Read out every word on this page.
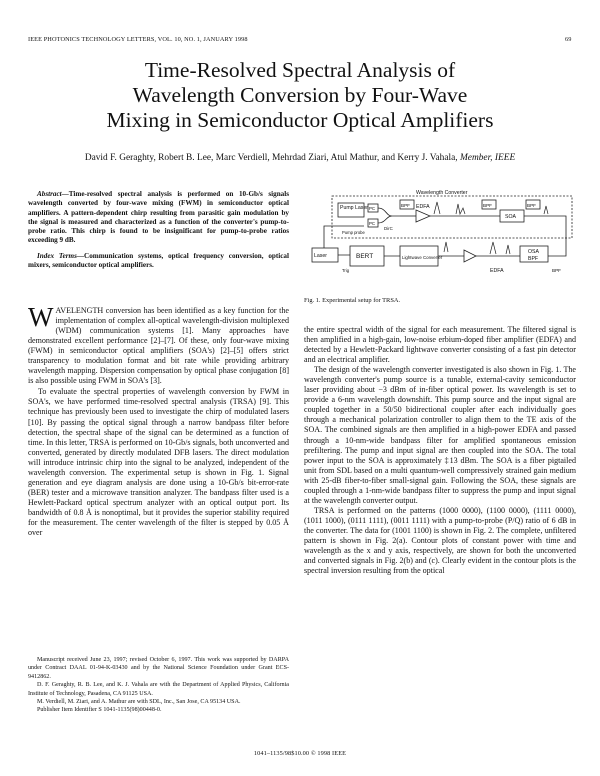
IEEE PHOTONICS TECHNOLOGY LETTERS, VOL. 10, NO. 1, JANUARY 1998	69
Time-Resolved Spectral Analysis of
Wavelength Conversion by Four-Wave
Mixing in Semiconductor Optical Amplifiers
David F. Geraghty, Robert B. Lee, Marc Verdiell, Mehrdad Ziari, Atul Mathur, and Kerry J. Vahala, Member, IEEE

Abstract—Time-resolved spectral analysis is performed on 10-Gb/s signals wavelength converted by four-wave mixing (FWM) in semiconductor optical amplifiers. A pattern-dependent chirp resulting from parasitic gain modulation by the signal is measured and characterized as a function of the converter's pump-to-probe ratio. This chirp is found to be insignificant for pump-to-probe ratios exceeding 9 dB.

Index Terms—Communication systems, optical frequency conversion, optical mixers, semiconductor optical amplifiers.

WAVELENGTH conversion has been identified as a key function for the implementation of complex all-optical wavelength-division multiplexed (WDM) communication systems [1]. Many approaches have demonstrated excellent performance [2]–[7]. Of these, only four-wave mixing (FWM) in semiconductor optical amplifiers (SOA's) [2]–[5] offers strict transparency to modulation format and bit rate while providing arbitrary wavelength mapping. Dispersion compensation by optical phase conjugation [8] is also possible using FWM in SOA's [3].

To evaluate the spectral properties of wavelength conversion by FWM in SOA's, we have performed time-resolved spectral analysis (TRSA) [9]. This technique has previously been used to investigate the chirp of modulated lasers [10]. By passing the optical signal through a narrow bandpass filter before detection, the spectral shape of the signal can be determined as a function of time. In this letter, TRSA is performed on 10-Gb/s signals, both unconverted and converted, generated by directly modulated DFB lasers. The direct modulation will introduce intrinsic chirp into the signal to be analyzed, independent of the wavelength conversion. The experimental setup is shown in Fig. 1. Signal generation and eye diagram analysis are done using a 10-Gb/s bit-error-rate (BER) tester and a microwave transition analyzer. The bandpass filter used is a Hewlett-Packard optical spectrum analyzer with an optical output port. Its bandwidth of 0.8 Å is nonoptimal, but it provides the superior stability required for the measurement. The center wavelength of the filter is stepped by 0.05 Å over

Manuscript received June 23, 1997; revised October 6, 1997. This work was supported by DARPA under Contract DAAL 01-94-K-03430 and by the National Science Foundation under Grant ECS-9412862.

D. F. Geraghty, R. B. Lee, and K. J. Vahala are with the Department of Applied Physics, California Institute of Technology, Pasadena, CA 91125 USA.

M. Verdiell, M. Ziari, and A. Mathur are with SDL, Inc., San Jose, CA 95134 USA.

Publisher Item Identifier S 1041-1135(98)00448-0.

Wavelength Converter
Pump Laser PC
PC
BPF	BPF	BPF
EDFA
SOA
DirC
Pump probe
Laser	BERT
Trig
Lightwave Converter
OSA
BPF
EDFA	BPF
Fig. 1. Experimental setup for TRSA.

the entire spectral width of the signal for each measurement. The filtered signal is then amplified in a high-gain, low-noise erbium-doped fiber amplifier (EDFA) and detected by a Hewlett-Packard lightwave converter consisting of a fast pin detector and an electrical amplifier.

The design of the wavelength converter investigated is also shown in Fig. 1. The wavelength converter's pump source is a tunable, external-cavity semiconductor laser providing about −3 dBm of in-fiber optical power. Its wavelength is set to provide a 6-nm wavelength downshift. This pump source and the input signal are coupled together in a 50/50 bidirectional coupler after each individually goes through a mechanical polarization controller to align them to the TE axis of the SOA. The combined signals are then amplified in a high-power EDFA and passed through a 10-nm-wide bandpass filter for amplified spontaneous emission prefiltering. The pump and input signal are then coupled into the SOA. The total power input to the SOA is approximately ‡13 dBm. The SOA is a fiber pigtailed unit from SDL based on a multi quantum-well compressively strained gain medium with 25-dB fiber-to-fiber small-signal gain. Following the SOA, these signals are coupled through a 1-nm-wide bandpass filter to suppress the pump and input signal at the wavelength converter output.

TRSA is performed on the patterns (1000 0000), (1100 0000), (1111 0000), (1011 1000), (0111 1111), (0011 1111) with a pump-to-probe (P/Q) ratio of 6 dB in the converter. The data for (1001 1100) is shown in Fig. 2. The complete, unfiltered pattern is shown in Fig. 2(a). Contour plots of constant power with time and wavelength as the x and y axis, respectively, are shown for both the unconverted and converted signals in Fig. 2(b) and (c). Clearly evident in the contour plots is the spectral inversion resulting from the optical

1041–1135/98$10.00 © 1998 IEEE
